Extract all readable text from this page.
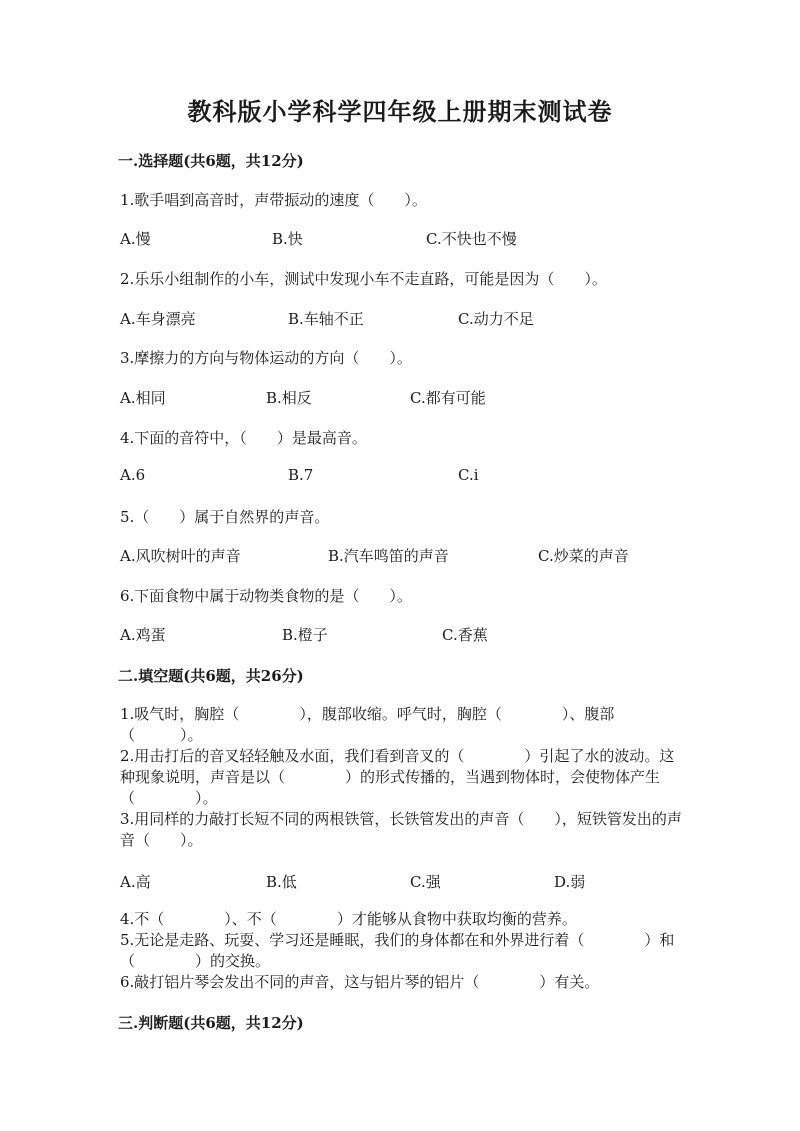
教科版小学科学四年级上册期末测试卷
一.选择题(共6题，共12分)
1.歌手唱到高音时，声带振动的速度（　　）。
A.慢	B.快	C.不快也不慢
2.乐乐小组制作的小车，测试中发现小车不走直路，可能是因为（　　）。
A.车身漂亮	B.车轴不正	C.动力不足
3.摩擦力的方向与物体运动的方向（　　）。
A.相同	B.相反	C.都有可能
4.下面的音符中，（　　）是最高音。
A.6	B.7	C.i
5.（　　）属于自然界的声音。
A.风吹树叶的声音	B.汽车鸣笛的声音	C.炒菜的声音
6.下面食物中属于动物类食物的是（　　）。
A.鸡蛋	B.橙子	C.香蕉
二.填空题(共6题，共26分)
1.吸气时，胸腔（　　　　），腹部收缩。呼气时，胸腔（　　　　）、腹部（　　　）。
2.用击打后的音叉轻轻触及水面，我们看到音叉的（　　　　）引起了水的波动。这种现象说明，声音是以（　　　　）的形式传播的，当遇到物体时，会使物体产生（　　　　）。
3.用同样的力敲打长短不同的两根铁管，长铁管发出的声音（　　），短铁管发出的声音（　　）。
A.高	B.低	C.强	D.弱
4.不（　　　　）、不（　　　　）才能够从食物中获取均衡的营养。
5.无论是走路、玩耍、学习还是睡眠，我们的身体都在和外界进行着（　　　　）和（　　　　）的交换。
6.敲打铝片琴会发出不同的声音，这与铝片琴的铝片（　　　　）有关。
三.判断题(共6题，共12分)
